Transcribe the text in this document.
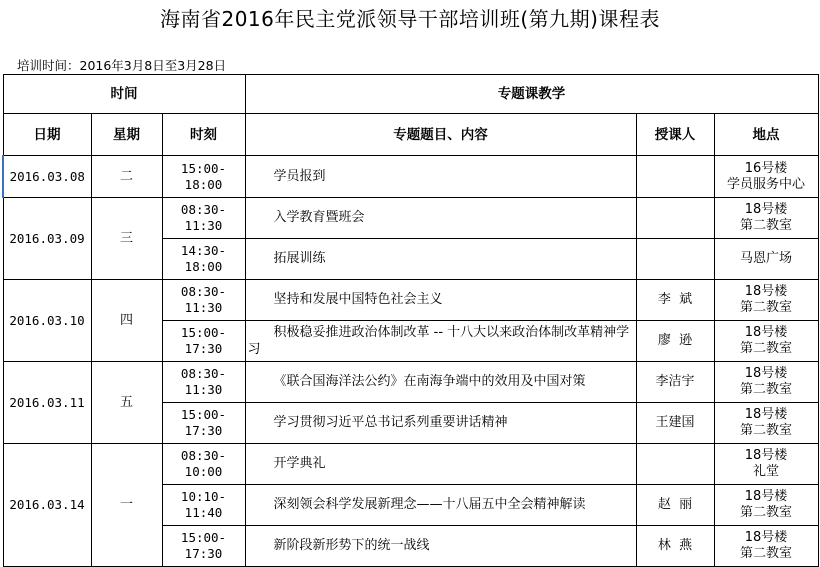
海南省2016年民主党派领导干部培训班(第九期)课程表
培训时间：2016年3月8日至3月28日
时间			专题课教学		
日期	星期	时刻	专题题目、内容	授课人	地点
2016.03.08	二	15:00-18:00	学员报到		16号楼
学员服务中心

2016.03.09	三	08:30-11:30	入学教育暨班会		18号楼
第二教室

		14:30-18:00	拓展训练		马恩广场

2016.03.10	四	08:30-11:30	坚持和发展中国特色社会主义	李  斌	18号楼
第二教室

		15:00-17:30	积极稳妥推进政治体制改革 -- 十八大以来政治体制改革精神学习	廖  逊	18号楼
第二教室

2016.03.11	五	08:30-11:30	《联合国海洋法公约》在南海争端中的效用及中国对策	李洁宇	18号楼
第二教室

		15:00-17:30	学习贯彻习近平总书记系列重要讲话精神	王建国	18号楼
第二教室

2016.03.14	一	08:30-10:00	开学典礼		18号楼
礼堂

		10:10-11:40	深刻领会科学发展新理念——十八届五中全会精神解读	赵  丽	18号楼
第二教室

		15:00-17:30	新阶段新形势下的统一战线	林  燕	18号楼
第二教室
